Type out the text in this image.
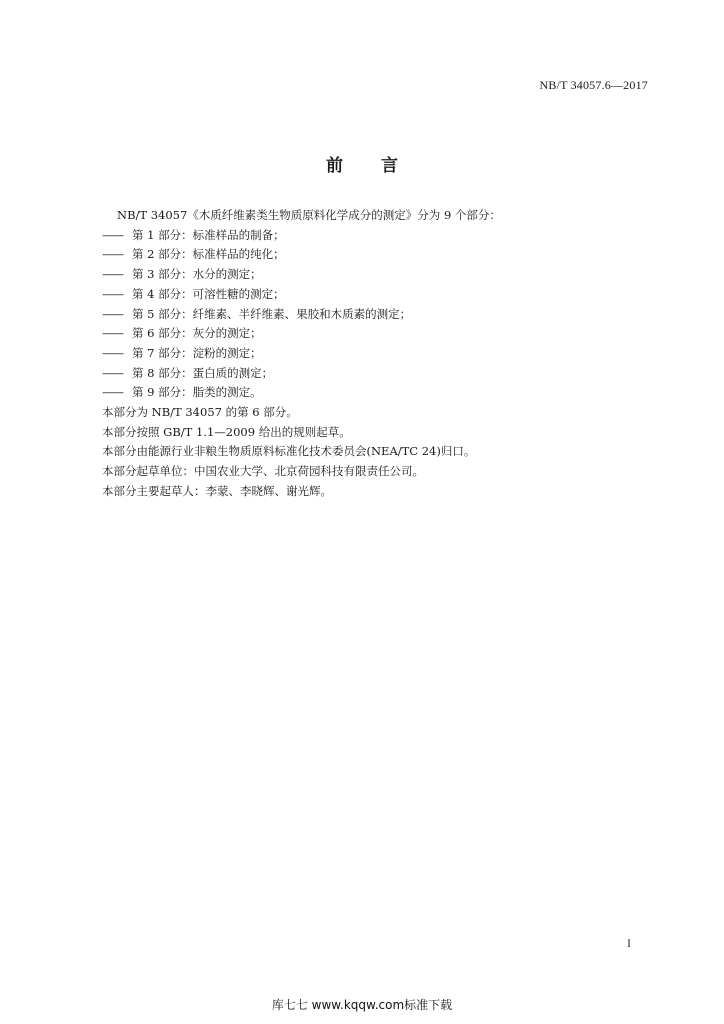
NB/T 34057.6—2017
前言

NB/T 34057《木质纤维素类生物质原料化学成分的测定》分为 9 个部分：

—— 第 1 部分：标准样品的制备；
—— 第 2 部分：标准样品的纯化；
—— 第 3 部分：水分的测定；
—— 第 4 部分：可溶性糖的测定；
—— 第 5 部分：纤维素、半纤维素、果胶和木质素的测定；
—— 第 6 部分：灰分的测定；
—— 第 7 部分：淀粉的测定；
—— 第 8 部分：蛋白质的测定；
—— 第 9 部分：脂类的测定。

本部分为 NB/T 34057 的第 6 部分。

本部分按照 GB/T 1.1—2009 给出的规则起草。

本部分由能源行业非粮生物质原料标准化技术委员会(NEA/TC 24)归口。

本部分起草单位：中国农业大学、北京荷园科技有限责任公司。

本部分主要起草人：李蒙、李晓辉、谢光辉。

I
库七七 www.kqqw.com标准下载
